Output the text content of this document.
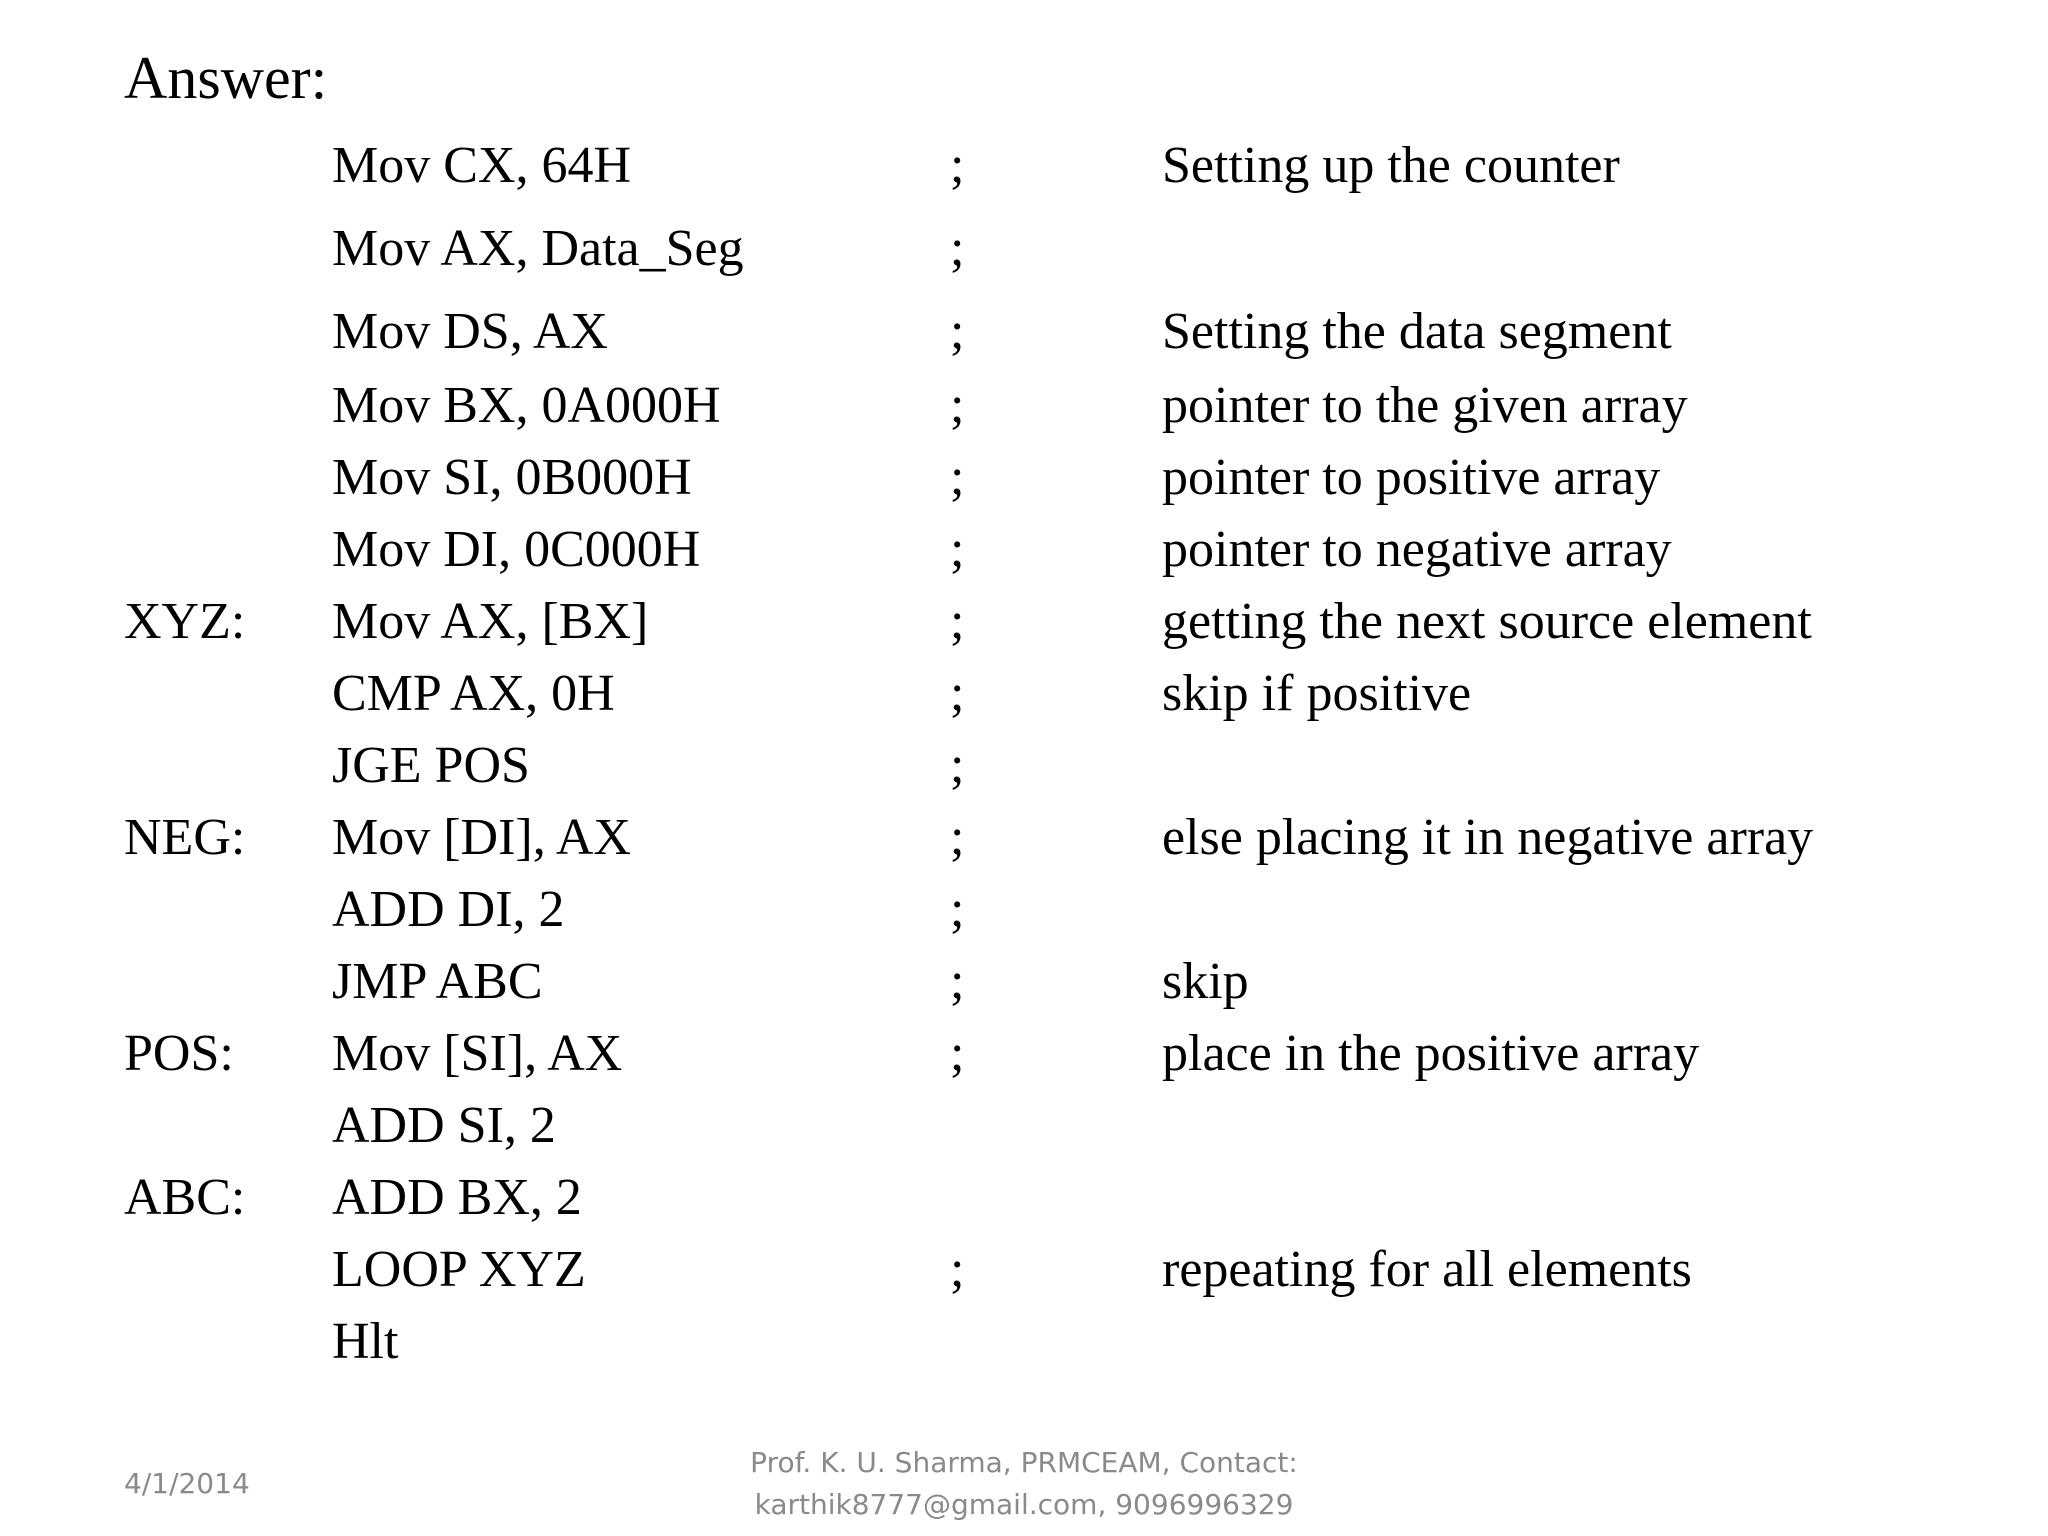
Answer:
Mov CX, 64H	;	Setting up the counter
Mov AX, Data_Seg	;
Mov DS, AX	;	Setting the data segment
Mov BX, 0A000H	;	pointer to the given array
Mov SI, 0B000H	;	pointer to positive array
Mov DI, 0C000H	;	pointer to negative array
XYZ: Mov AX, [BX]	;	getting the next source element
CMP AX, 0H	;	skip if positive
JGE POS	;
NEG: Mov [DI], AX	;	else placing it in negative array
ADD DI, 2	;
JMP ABC	;	skip
POS: Mov [SI], AX	;	place in the positive array
ADD SI, 2
ABC: ADD BX, 2
LOOP XYZ	;	repeating for all elements
Hlt
4/1/2014
Prof. K. U. Sharma, PRMCEAM, Contact:
karthik8777@gmail.com, 9096996329
